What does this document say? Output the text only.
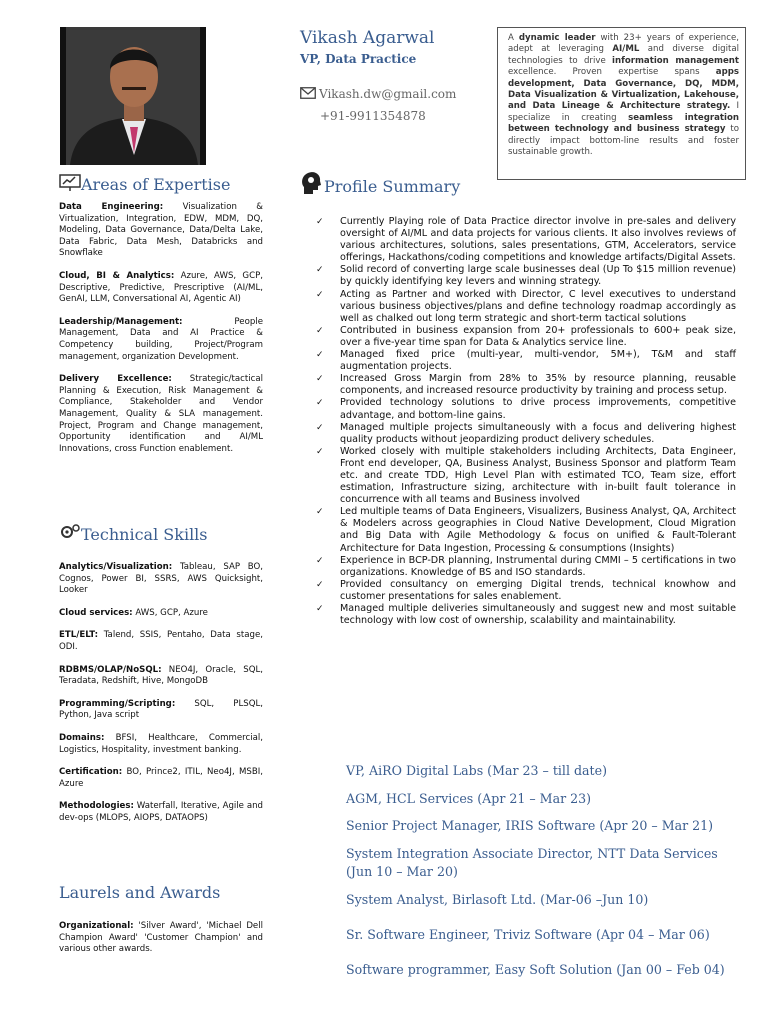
Areas of Expertise

Data Engineering: Visualization & Virtualization, Integration, EDW, MDM, DQ, Modeling, Data Governance, Data/Delta Lake, Data Fabric, Data Mesh, Databricks and Snowflake

Cloud, BI & Analytics: Azure, AWS, GCP, Descriptive, Predictive, Prescriptive (AI/ML, GenAI, LLM, Conversational AI, Agentic AI)

Leadership/Management: People Management, Data and AI Practice & Competency building, Project/Program management, organization Development.

Delivery Excellence: Strategic/tactical Planning & Execution, Risk Management & Compliance, Stakeholder and Vendor Management, Quality & SLA management. Project, Program and Change management, Opportunity identification and AI/ML Innovations, cross Function enablement.

Technical Skills

Analytics/Visualization: Tableau, SAP BO, Cognos, Power BI, SSRS, AWS Quicksight, Looker

Cloud services: AWS, GCP, Azure

ETL/ELT: Talend, SSIS, Pentaho, Data stage, ODI.

RDBMS/OLAP/NoSQL: NEO4J, Oracle, SQL, Teradata, Redshift, Hive, MongoDB

Programming/Scripting: SQL, PLSQL, Python, Java script

Domains: BFSI, Healthcare, Commercial, Logistics, Hospitality, investment banking.

Certification: BO, Prince2, ITIL, Neo4J, MSBI, Azure

Methodologies: Waterfall, Iterative, Agile and dev-ops (MLOPS, AIOPS, DATAOPS)

Laurels and Awards

Organizational: 'Silver Award', 'Michael Dell Champion Award' 'Customer Champion' and various other awards.

Vikash Agarwal
VP, Data Practice
Vikash.dw@gmail.com
+91-9911354878
A dynamic leader with 23+ years of experience, adept at leveraging AI/ML and diverse digital technologies to drive information management excellence. Proven expertise spans apps development, Data Governance, DQ, MDM, Data Visualization & Virtualization, Lakehouse, and Data Lineage & Architecture strategy. I specialize in creating seamless integration between technology and business strategy to directly impact bottom-line results and foster sustainable growth.
Profile Summary
✓ Currently Playing role of Data Practice director involve in pre-sales and delivery oversight of AI/ML and data projects for various clients. It also involves reviews of various architectures, solutions, sales presentations, GTM, Accelerators, service offerings, Hackathons/coding competitions and knowledge artifacts/Digital Assets.
✓ Solid record of converting large scale businesses deal (Up To $15 million revenue) by quickly identifying key levers and winning strategy.
✓ Acting as Partner and worked with Director, C level executives to understand various business objectives/plans and define technology roadmap accordingly as well as chalked out long term strategic and short-term tactical solutions
✓ Contributed in business expansion from 20+ professionals to 600+ peak size, over a five-year time span for Data & Analytics service line.
✓ Managed fixed price (multi-year, multi-vendor, 5M+), T&M and staff augmentation projects.
✓ Increased Gross Margin from 28% to 35% by resource planning, reusable components, and increased resource productivity by training and process setup.
✓ Provided technology solutions to drive process improvements, competitive advantage, and bottom-line gains.
✓ Managed multiple projects simultaneously with a focus and delivering highest quality products without jeopardizing product delivery schedules.
✓ Worked closely with multiple stakeholders including Architects, Data Engineer, Front end developer, QA, Business Analyst, Business Sponsor and platform Team etc. and create TDD, High Level Plan with estimated TCO, Team size, effort estimation, Infrastructure sizing, architecture with in-built fault tolerance in concurrence with all teams and Business involved
✓ Led multiple teams of Data Engineers, Visualizers, Business Analyst, QA, Architect & Modelers across geographies in Cloud Native Development, Cloud Migration and Big Data with Agile Methodology & focus on unified & Fault-Tolerant Architecture for Data Ingestion, Processing & consumptions (Insights)
✓ Experience in BCP-DR planning, Instrumental during CMMI – 5 certifications in two organizations. Knowledge of BS and ISO standards.
✓ Provided consultancy on emerging Digital trends, technical knowhow and customer presentations for sales enablement.
✓ Managed multiple deliveries simultaneously and suggest new and most suitable technology with low cost of ownership, scalability and maintainability.
VP, AiRO Digital Labs (Mar 23 – till date)
AGM, HCL Services (Apr 21 – Mar 23)
Senior Project Manager, IRIS Software (Apr 20 – Mar 21)
System Integration Associate Director, NTT Data Services (Jun 10 – Mar 20)
System Analyst, Birlasoft Ltd. (Mar-06 –Jun 10)
Sr. Software Engineer, Triviz Software (Apr 04 – Mar 06)
Software programmer, Easy Soft Solution (Jan 00 – Feb 04)
